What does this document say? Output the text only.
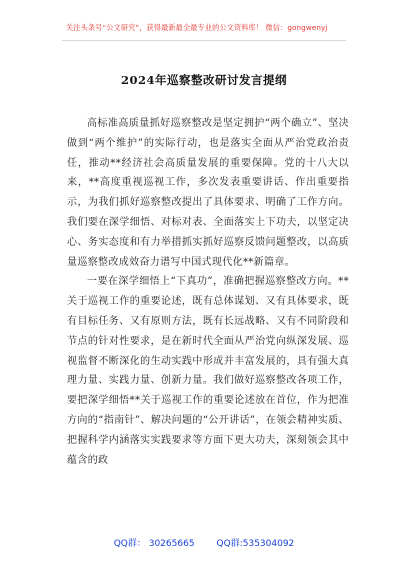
关注头条号“公文研究”，获得最新最全最专业的公文资料库！ 微信：gongwenyj
2024年巡察整改研讨发言提纲

高标准高质量抓好巡察整改是坚定拥护“两个确立”、坚决做到“两个维护”的实际行动，也是落实全面从严治党政治责任，推动**经济社会高质量发展的重要保障。党的十八大以来，**高度重视巡视工作，多次发表重要讲话、作出重要指示，为我们抓好巡察整改提出了具体要求、明确了工作方向。我们要在深学细悟、对标对表、全面落实上下功夫，以坚定决心、务实态度和有力举措抓实抓好巡察反馈问题整改，以高质量巡察整改成效奋力谱写中国式现代化**新篇章。

一要在深学细悟上“下真功”，准确把握巡察整改方向。**关于巡视工作的重要论述，既有总体谋划、又有具体要求，既有目标任务、又有原则方法，既有长远战略、又有不同阶段和节点的针对性要求，是在新时代全面从严治党向纵深发展、巡视监督不断深化的生动实践中形成并丰富发展的，具有强大真理力量、实践力量、创新力量。我们做好巡察整改各项工作，要把深学细悟**关于巡视工作的重要论述放在首位，作为把准方向的“指南针”、解决问题的“公开讲话”，在领会精神实质、把握科学内涵落实实践要求等方面下更大功夫，深刻领会其中蕴含的政

QQ群： 30265665 QQ群:535304092
